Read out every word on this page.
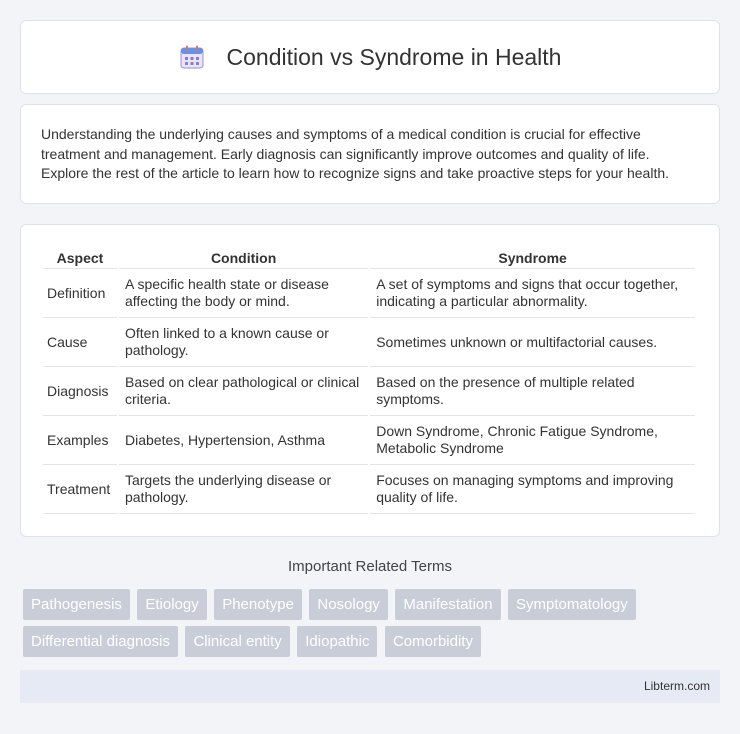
Condition vs Syndrome in Health

Understanding the underlying causes and symptoms of a medical condition is crucial for effective treatment and management. Early diagnosis can significantly improve outcomes and quality of life. Explore the rest of the article to learn how to recognize signs and take proactive steps for your health.

Aspect	Condition	Syndrome
Definition	A specific health state or disease affecting the body or mind.	A set of symptoms and signs that occur together, indicating a particular abnormality.
Cause	Often linked to a known cause or pathology.	Sometimes unknown or multifactorial causes.
Diagnosis	Based on clear pathological or clinical criteria.	Based on the presence of multiple related symptoms.
Examples	Diabetes, Hypertension, Asthma	Down Syndrome, Chronic Fatigue Syndrome, Metabolic Syndrome
Treatment	Targets the underlying disease or pathology.	Focuses on managing symptoms and improving quality of life.
Important Related Terms
Pathogenesis Etiology Phenotype Nosology Manifestation Symptomatology Differential diagnosis Clinical entity Idiopathic Comorbidity
Libterm.com
